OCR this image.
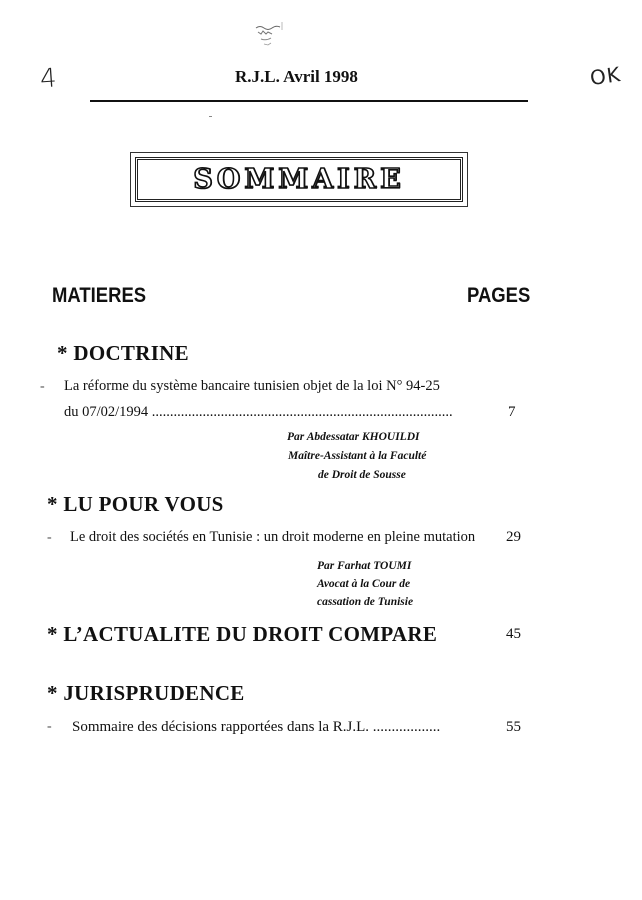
4	R.J.L. Avril 1998	OK
SOMMAIRE
MATIERES	PAGES
* DOCTRINE
- La réforme du système bancaire tunisien objet de la loi N° 94-25
du 07/02/1994 ...................................................................................	7
Par Abdessatar KHOUILDI
Maître-Assistant à la Faculté
de Droit de Sousse
* LU POUR VOUS
- Le droit des sociétés en Tunisie : un droit moderne en pleine mutation 29
Par Farhat TOUMI
Avocat à la Cour de
cassation de Tunisie
* L’ACTUALITE DU DROIT COMPARE	45
* JURISPRUDENCE
- Sommaire des décisions rapportées dans la R.J.L. ..................	55
